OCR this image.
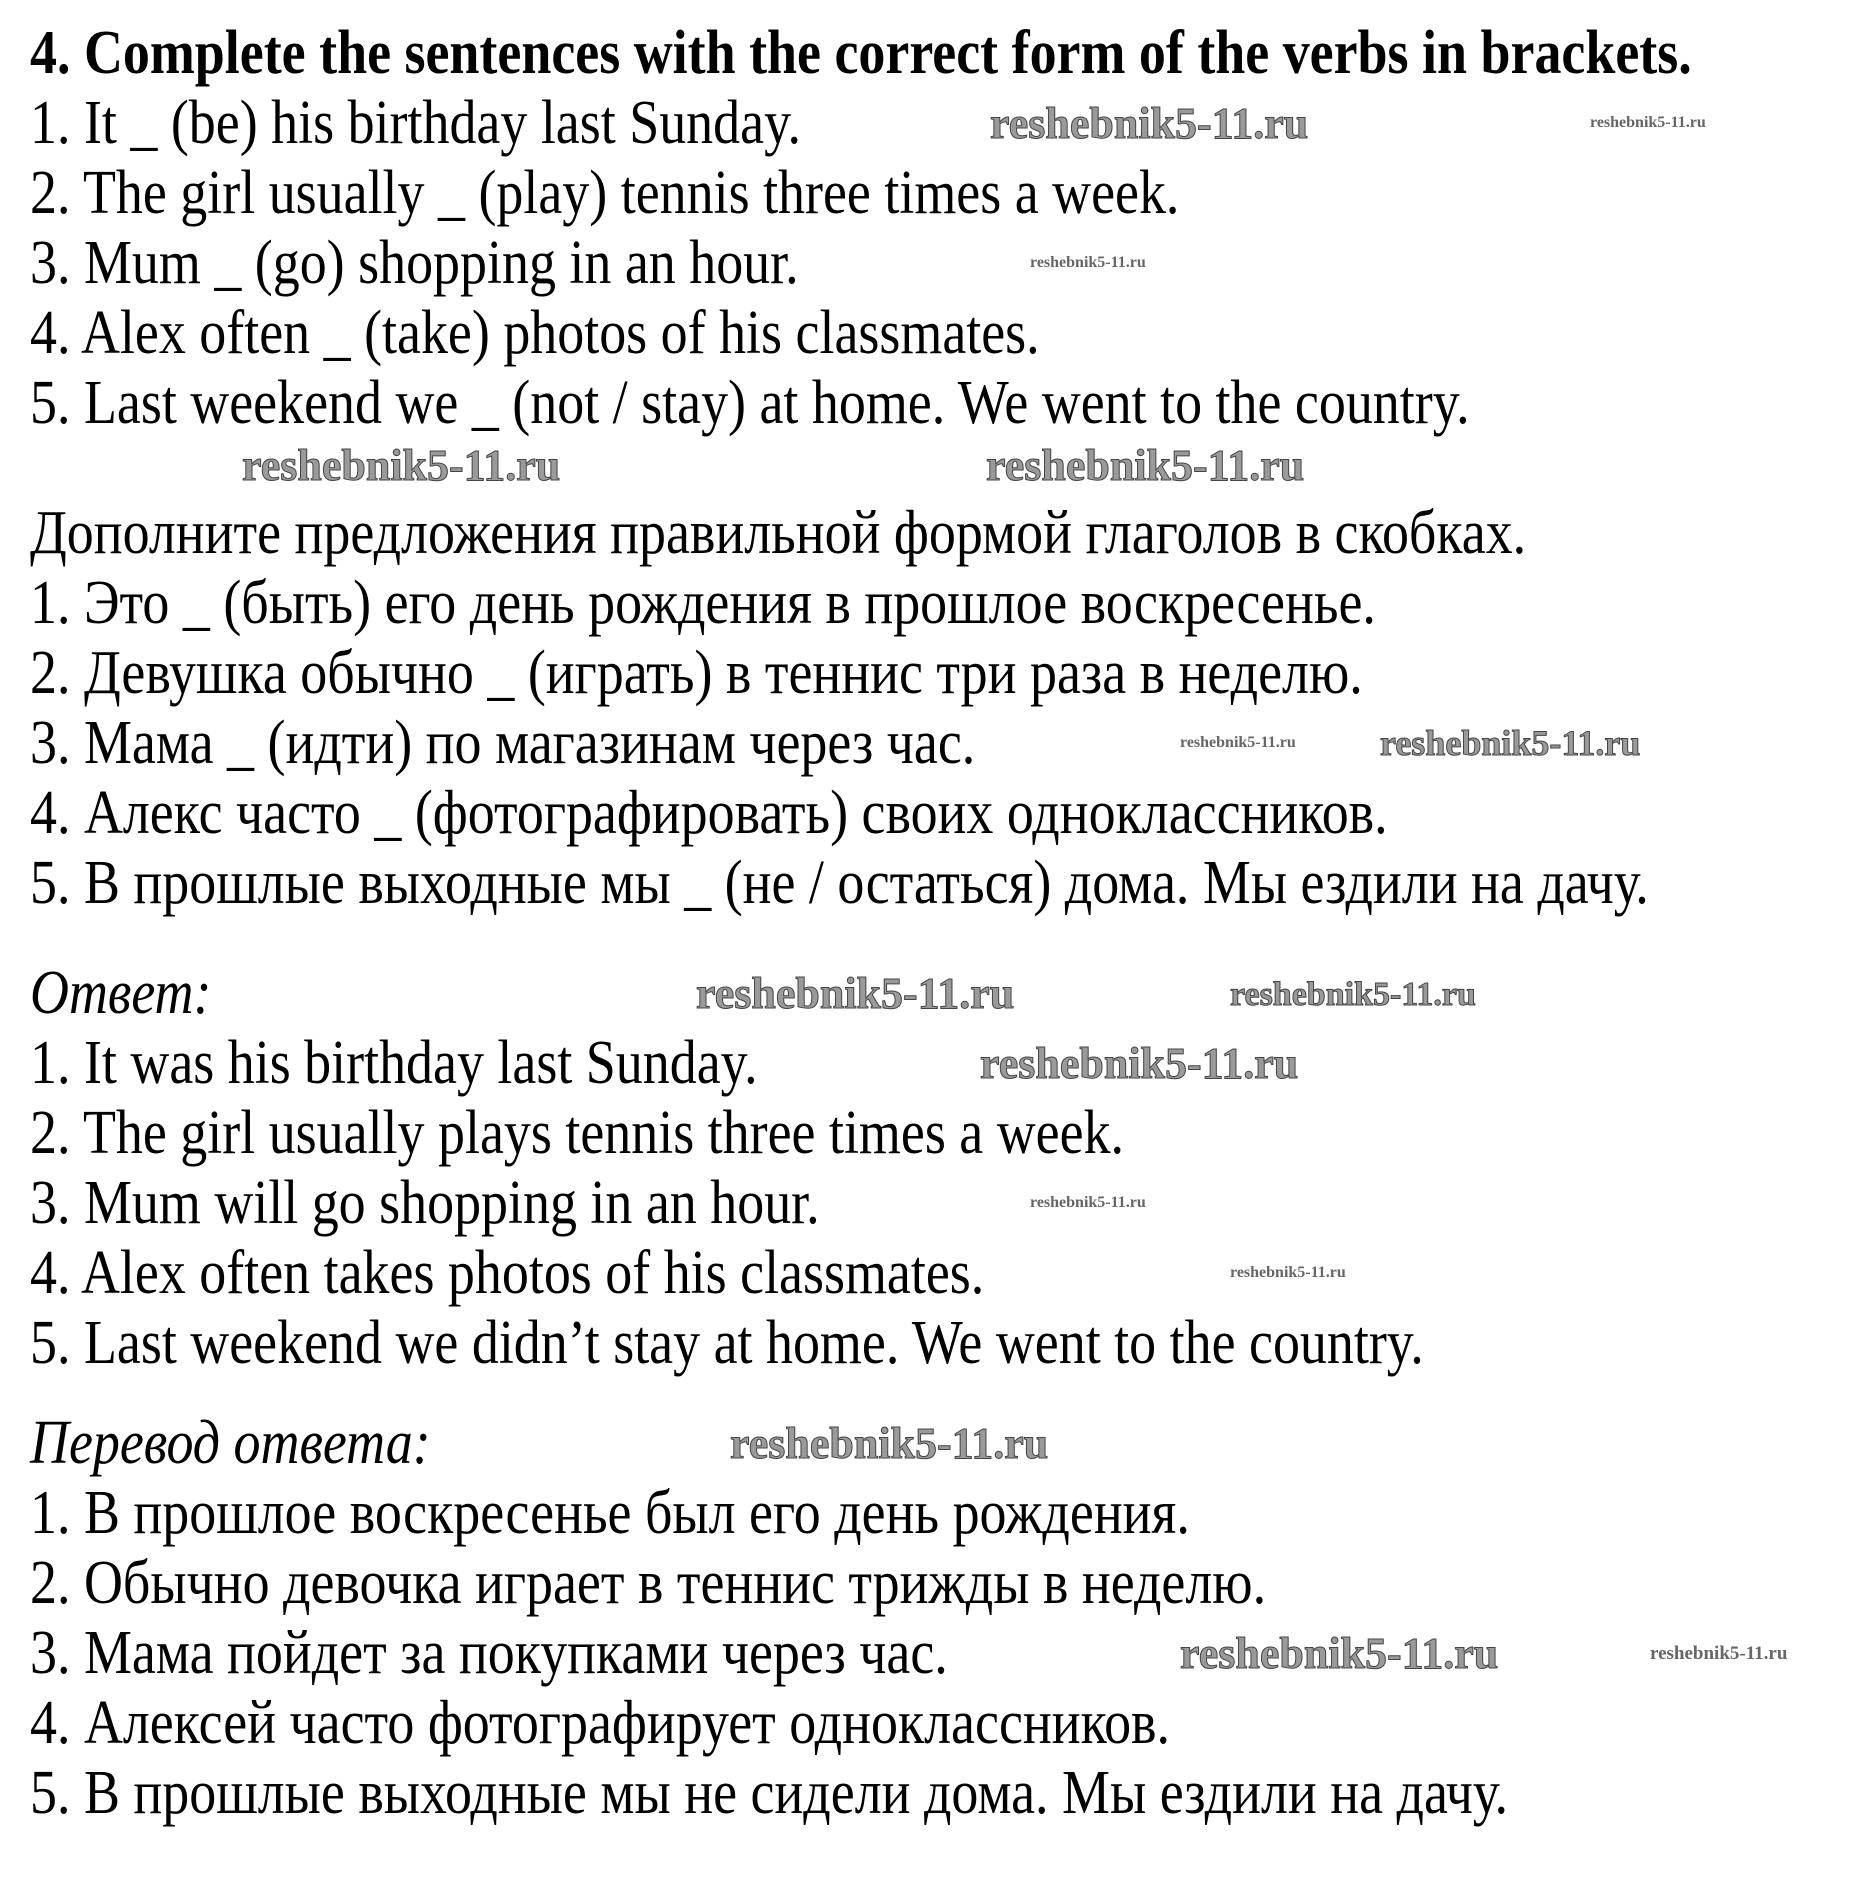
4. Complete the sentences with the correct form of the verbs in brackets.
1. It _ (be) his birthday last Sunday.	reshebnik5-11.ru	reshebnik5-11.ru
2. The girl usually _ (play) tennis three times a week.
3. Mum _ (go) shopping in an hour.	reshebnik5-11.ru
4. Alex often _ (take) photos of his classmates.
5. Last weekend we _ (not / stay) at home. We went to the country.
reshebnik5-11.ru	reshebnik5-11.ru
Дополните предложения правильной формой глаголов в скобках.
1. Это _ (быть) его день рождения в прошлое воскресенье.
2. Девушка обычно _ (играть) в теннис три раза в неделю.
3. Мама _ (идти) по магазинам через час.	reshebnik5-11.ru reshebnik5-11.ru
4. Алекс часто _ (фотографировать) своих одноклассников.
5. В прошлые выходные мы _ (не / остаться) дома. Мы ездили на дачу.
Ответ:	reshebnik5-11.ru	reshebnik5-11.ru
1. It was his birthday last Sunday.	reshebnik5-11.ru
2. The girl usually plays tennis three times a week.
3. Mum will go shopping in an hour.	reshebnik5-11.ru
4. Alex often takes photos of his classmates.	reshebnik5-11.ru
5. Last weekend we didn’t stay at home. We went to the country.
Перевод ответа:	reshebnik5-11.ru
1. В прошлое воскресенье был его день рождения.
2. Обычно девочка играет в теннис трижды в неделю.
3. Мама пойдет за покупками через час.	reshebnik5-11.ru	reshebnik5-11.ru
4. Алексей часто фотографирует одноклассников.
5. В прошлые выходные мы не сидели дома. Мы ездили на дачу.
